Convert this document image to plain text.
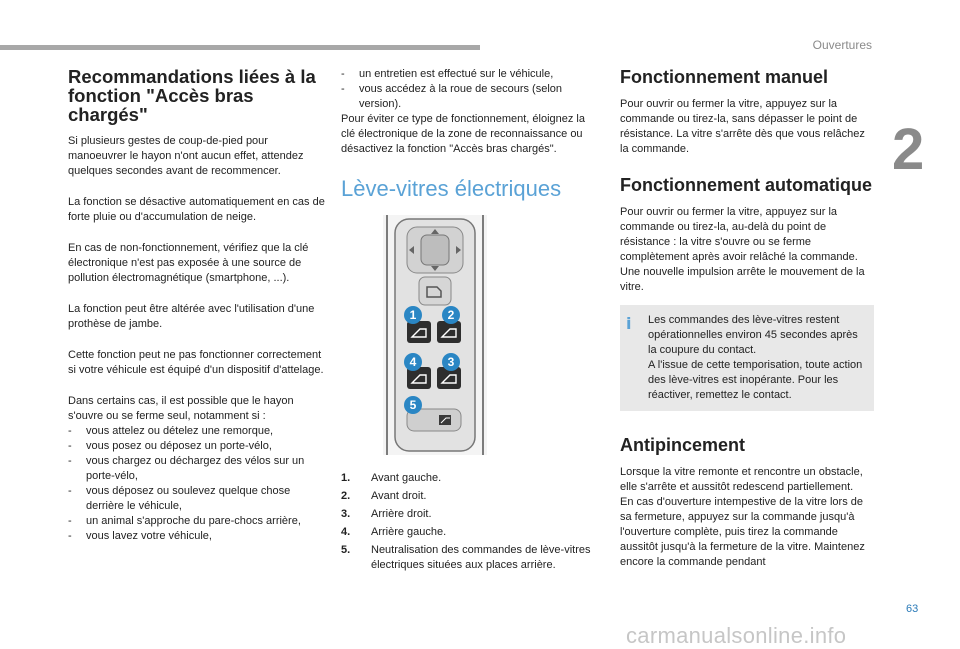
Ouvertures
2
Recommandations liées à la fonction "Accès bras chargés"

Si plusieurs gestes de coup-de-pied pour manoeuvrer le hayon n'ont aucun effet, attendez quelques secondes avant de recommencer.

La fonction se désactive automatiquement en cas de forte pluie ou d'accumulation de neige.

En cas de non-fonctionnement, vérifiez que la clé électronique n'est pas exposée à une source de pollution électromagnétique (smartphone, ...).

La fonction peut être altérée avec l'utilisation d'une prothèse de jambe.

Cette fonction peut ne pas fonctionner correctement si votre véhicule est équipé d'un dispositif d'attelage.

Dans certains cas, il est possible que le hayon s'ouvre ou se ferme seul, notamment si :

- vous attelez ou dételez une remorque,
- vous posez ou déposez un porte-vélo,
- vous chargez ou déchargez des vélos sur un porte-vélo,
- vous déposez ou soulevez quelque chose derrière le véhicule,
- un animal s'approche du pare-chocs arrière,
- vous lavez votre véhicule,
- un entretien est effectué sur le véhicule,
- vous accédez à la roue de secours (selon version).

Pour éviter ce type de fonctionnement, éloignez la clé électronique de la zone de reconnaissance ou désactivez la fonction "Accès bras chargés".

Lève-vitres électriques
1	2
3
4
5
1. Avant gauche.
2. Avant droit.
3. Arrière droit.
4. Arrière gauche.
5. Neutralisation des commandes de lève-vitres électriques situées aux places arrière.
Fonctionnement manuel

Pour ouvrir ou fermer la vitre, appuyez sur la commande ou tirez-la, sans dépasser le point de résistance. La vitre s'arrête dès que vous relâchez la commande.

Fonctionnement automatique

Pour ouvrir ou fermer la vitre, appuyez sur la commande ou tirez-la, au-delà du point de résistance : la vitre s'ouvre ou se ferme complètement après avoir relâché la commande. Une nouvelle impulsion arrête le mouvement de la vitre.

i	Les commandes des lève-vitres restent opérationnelles environ 45 secondes après la coupure du contact.

A l'issue de cette temporisation, toute action des lève-vitres est inopérante. Pour les réactiver, remettez le contact.

Antipincement

Lorsque la vitre remonte et rencontre un obstacle, elle s'arrête et aussitôt redescend partiellement.

En cas d'ouverture intempestive de la vitre lors de sa fermeture, appuyez sur la commande jusqu'à l'ouverture complète, puis tirez la commande aussitôt jusqu'à la fermeture de la vitre. Maintenez encore la commande pendant

63
carmanualsonline.info
